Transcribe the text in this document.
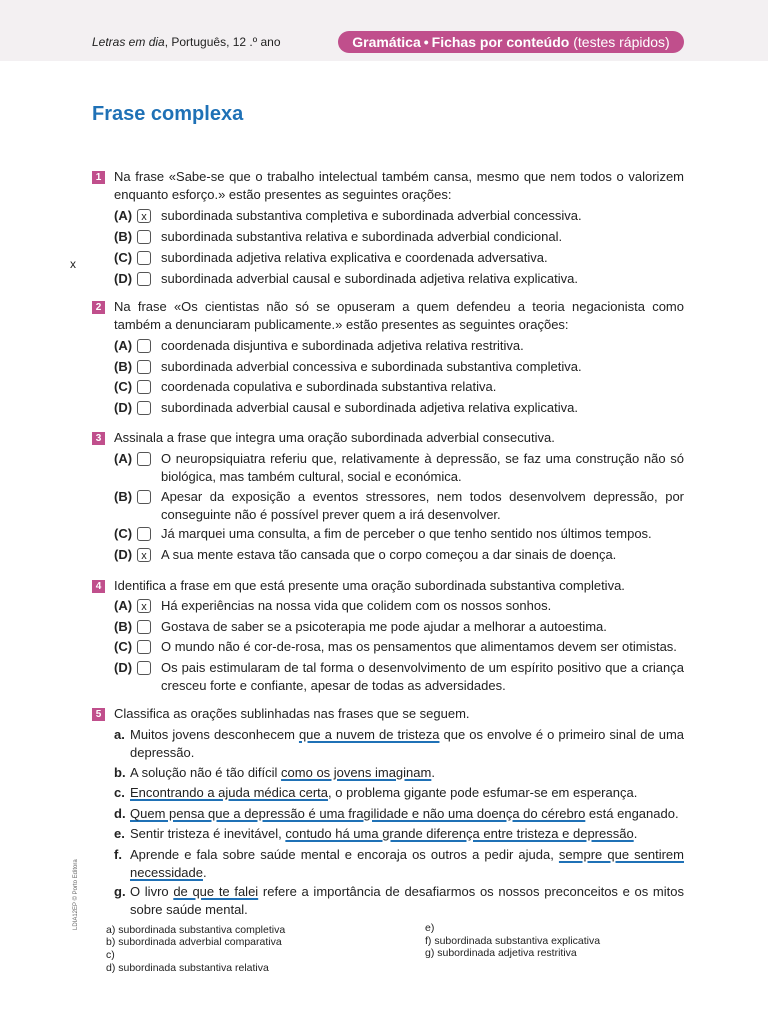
Letras em dia, Português, 12 .º ano	Gramática • Fichas por conteúdo (testes rápidos)
Frase complexa
x
LDIA12EP © Porto Editora
1 Na frase «Sabe-se que o trabalho intelectual também cansa, mesmo que nem todos o valorizem enquanto esforço.» estão presentes as seguintes orações:
(A) x	subordinada substantiva completiva e subordinada adverbial concessiva.
(B) subordinada substantiva relativa e subordinada adverbial condicional.
(C) subordinada adjetiva relativa explicativa e coordenada adversativa.
(D) subordinada adverbial causal e subordinada adjetiva relativa explicativa.
2 Na frase «Os cientistas não só se opuseram a quem defendeu a teoria negacionista como também a denunciaram publicamente.» estão presentes as seguintes orações:
(A) coordenada disjuntiva e subordinada adjetiva relativa restritiva.
(B) subordinada adverbial concessiva e subordinada substantiva completiva.
(C) coordenada copulativa e subordinada substantiva relativa.
(D) subordinada adverbial causal e subordinada adjetiva relativa explicativa.
3 Assinala a frase que integra uma oração subordinada adverbial consecutiva.
(A) O neuropsiquiatra referiu que, relativamente à depressão, se faz uma construção não só biológica, mas também cultural, social e económica.
(B) Apesar da exposição a eventos stressores, nem todos desenvolvem depressão, por conseguinte não é possível prever quem a irá desenvolver.
(C) Já marquei uma consulta, a fim de perceber o que tenho sentido nos últimos tempos.
(D) x	A sua mente estava tão cansada que o corpo começou a dar sinais de doença.
4 Identifica a frase em que está presente uma oração subordinada substantiva completiva.
(A) x	Há experiências na nossa vida que colidem com os nossos sonhos.
(B) Gostava de saber se a psicoterapia me pode ajudar a melhorar a autoestima.
(C) O mundo não é cor-de-rosa, mas os pensamentos que alimentamos devem ser otimistas.
(D) Os pais estimularam de tal forma o desenvolvimento de um espírito positivo que a criança cresceu forte e confiante, apesar de todas as adversidades.
5 Classifica as orações sublinhadas nas frases que se seguem.
a. Muitos jovens desconhecem que a nuvem de tristeza que os envolve é o primeiro sinal de uma depressão.
b. A solução não é tão difícil como os jovens imaginam.
c. Encontrando a ajuda médica certa, o problema gigante pode esfumar-se em esperança.
d. Quem pensa que a depressão é uma fragilidade e não uma doença do cérebro está enganado.
e. Sentir tristeza é inevitável, contudo há uma grande diferença entre tristeza e depressão.
f. Aprende e fala sobre saúde mental e encoraja os outros a pedir ajuda, sempre que sentirem necessidade.
g. O livro de que te falei refere a importância de desafiarmos os nossos preconceitos e os mitos sobre saúde mental.
a) subordinada substantiva completiva
b) subordinada adverbial comparativa
c)
d) subordinada substantiva relativa
e)
f) subordinada substantiva explicativa
g) subordinada adjetiva restritiva
